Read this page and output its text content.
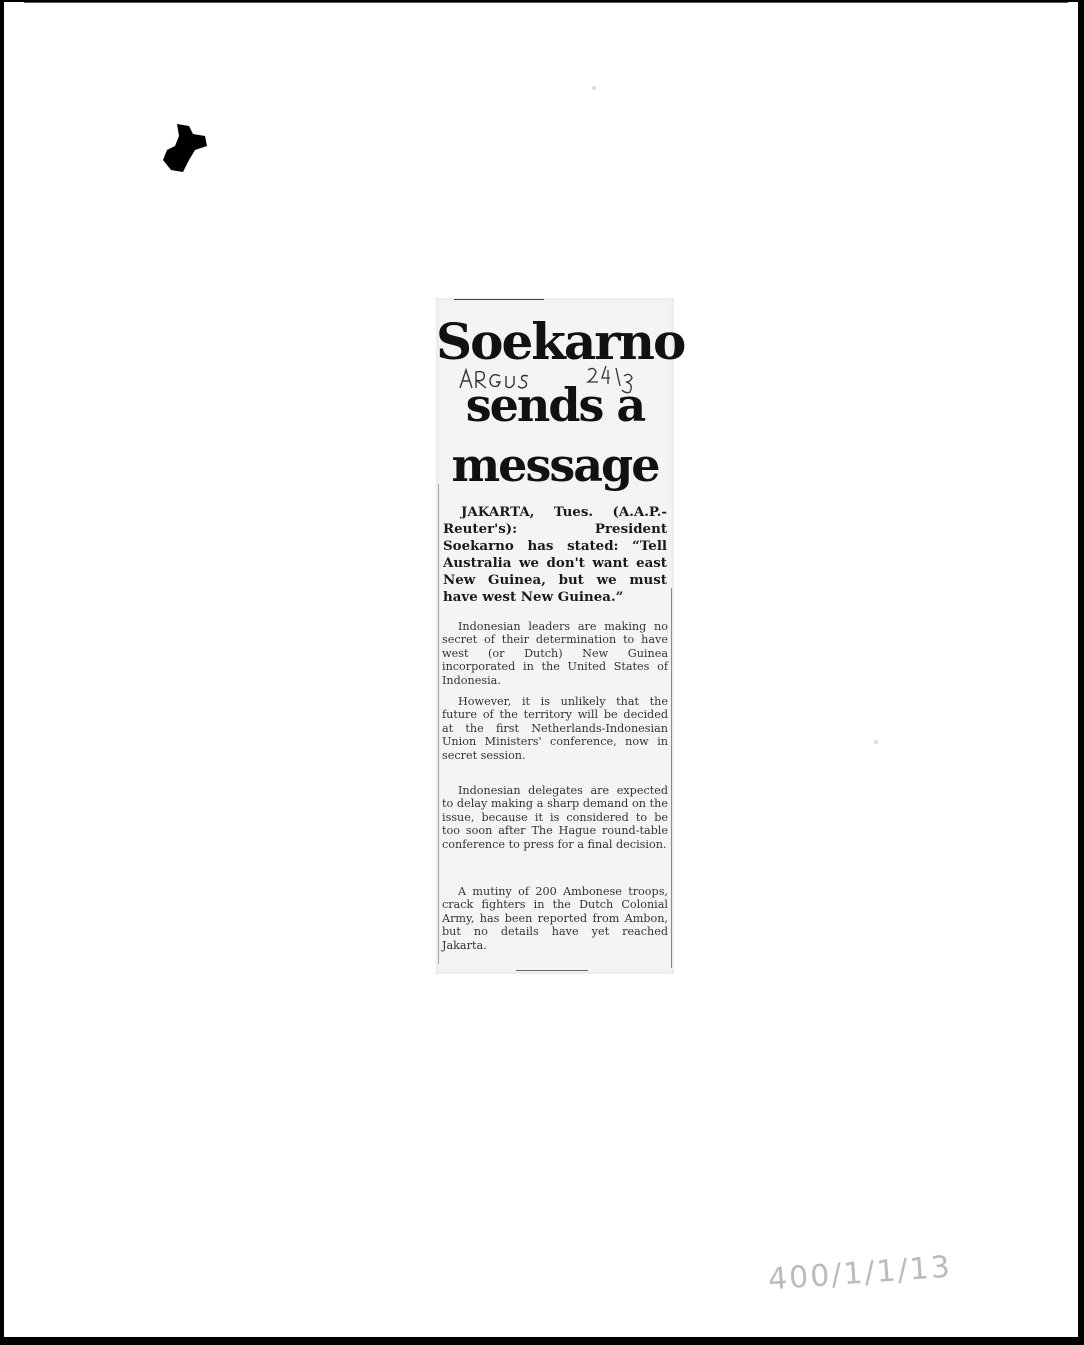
Soekarno
sends a
message

JAKARTA, Tues. (A.A.P.-Reuter's): President Soekarno has stated: “Tell Australia we don't want east New Guinea, but we must have west New Guinea.”

Indonesian leaders are making no secret of their determination to have west (or Dutch) New Guinea incorporated in the United States of Indonesia.

However, it is unlikely that the future of the territory will be decided at the first Netherlands-Indonesian Union Ministers' conference, now in secret session.

Indonesian delegates are expected to delay making a sharp demand on the issue, because it is considered to be too soon after The Hague round-table conference to press for a final decision.

A mutiny of 200 Ambonese troops, crack fighters in the Dutch Colonial Army, has been reported from Ambon, but no details have yet reached Jakarta.

400/1/1/13
